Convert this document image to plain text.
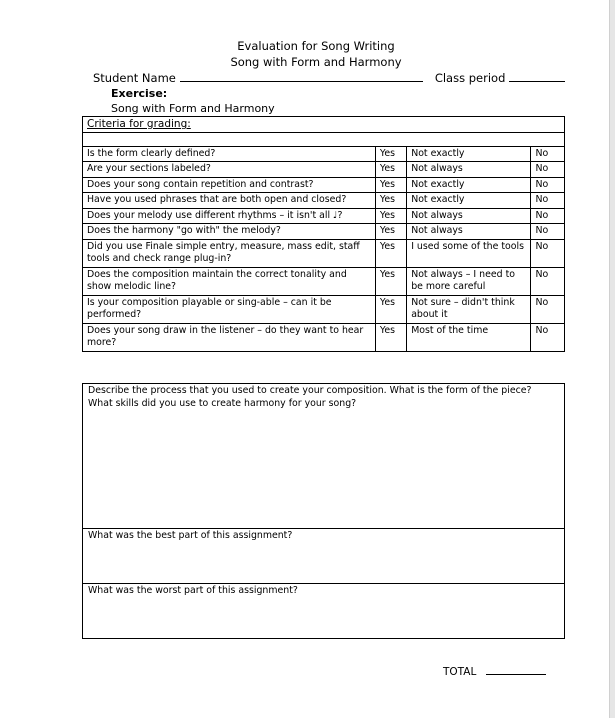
Evaluation for Song Writing
Song with Form and Harmony
Student Name	Class period
Exercise:
Song with Form and Harmony
Criteria for grading:			

Is the form clearly defined?	Yes	Not exactly	No
Are your sections labeled?	Yes	Not always	No
Does your song contain repetition and contrast?	Yes	Not exactly	No
Have you used phrases that are both open and closed?	Yes	Not exactly	No
Does your melody use different rhythms – it isn't all ♩?	Yes	Not always	No
Does the harmony "go with" the melody?	Yes	Not always	No
Did you use Finale simple entry, measure, mass edit, staff tools and check range plug-in?	Yes	I used some of the tools	No
Does the composition maintain the correct tonality and show melodic line?	Yes	Not always – I need to be more careful	No
Is your composition playable or sing-able – can it be performed?	Yes	Not sure – didn't think about it	No
Does your song draw in the listener – do they want to hear more?	Yes	Most of the time	No
Describe the process that you used to create your composition. What is the form of the piece? What skills did you use to create harmony for your song?

What was the best part of this assignment?

What was the worst part of this assignment?
TOTAL
